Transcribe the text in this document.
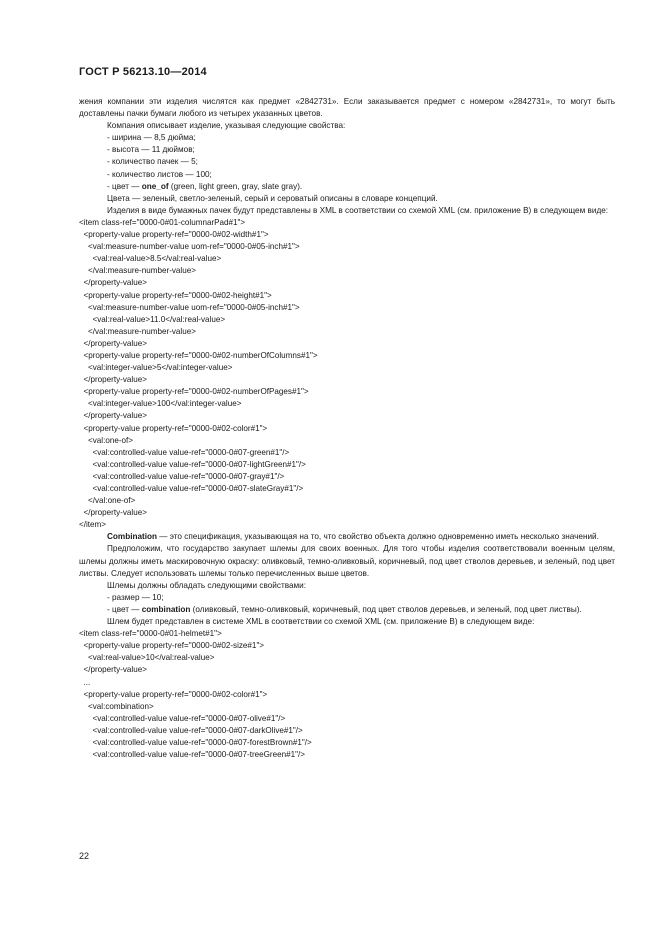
ГОСТ Р 56213.10—2014

жения компании эти изделия числятся как предмет «2842731». Если заказывается предмет с номером «2842731», то могут быть доставлены пачки бумаги любого из четырех указанных цветов.

Компания описывает изделие, указывая следующие свойства:

- ширина — 8,5 дюйма;

- высота — 11 дюймов;

- количество пачек — 5;

- количество листов — 100;

- цвет — one_of (green, light green, gray, slate gray).

Цвета — зеленый, светло-зеленый, серый и сероватый описаны в словаре концепций.

Изделия в виде бумажных пачек будут представлены в XML в соответствии со схемой XML (см. приложение В) в следующем виде:

<item class-ref="0000-0#01-columnarPad#1">
<property-value property-ref="0000-0#02-width#1">
<val:measure-number-value uom-ref="0000-0#05-inch#1">
<val:real-value>8.5</val:real-value>
</val:measure-number-value>
</property-value>
<property-value property-ref="0000-0#02-height#1">
<val:measure-number-value uom-ref="0000-0#05-inch#1">
<val:real-value>11.0</val:real-value>
</val:measure-number-value>
</property-value>
<property-value property-ref="0000-0#02-numberOfColumns#1">
<val:integer-value>5</val:integer-value>
</property-value>
<property-value property-ref="0000-0#02-numberOfPages#1">
<val:integer-value>100</val:integer-value>
</property-value>
<property-value property-ref="0000-0#02-color#1">
<val:one-of>
<val:controlled-value value-ref="0000-0#07-green#1"/>
<val:controlled-value value-ref="0000-0#07-lightGreen#1"/>
<val:controlled-value value-ref="0000-0#07-gray#1"/>
<val:controlled-value value-ref="0000-0#07-slateGray#1"/>
</val:one-of>
</property-value>
</item>

Combination — это спецификация, указывающая на то, что свойство объекта должно одновременно иметь несколько значений.

Предположим, что государство закупает шлемы для своих военных. Для того чтобы изделия соответствовали военным целям, шлемы должны иметь маскировочную окраску: оливковый, темно-оливковый, коричневый, под цвет стволов деревьев, и зеленый, под цвет листвы. Следует использовать шлемы только перечисленных выше цветов.

Шлемы должны обладать следующими свойствами:

- размер — 10;

- цвет — combination (оливковый, темно-оливковый, коричневый, под цвет стволов деревьев, и зеленый, под цвет листвы).

Шлем будет представлен в системе XML в соответствии со схемой XML (см. приложение В) в следующем виде:

<item class-ref="0000-0#01-helmet#1">
<property-value property-ref="0000-0#02-size#1">
<val:real-value>10</val:real-value>
</property-value>
...
<property-value property-ref="0000-0#02-color#1">
<val:combination>
<val:controlled-value value-ref="0000-0#07-olive#1"/>
<val:controlled-value value-ref="0000-0#07-darkOlive#1"/>
<val:controlled-value value-ref="0000-0#07-forestBrown#1"/>
<val:controlled-value value-ref="0000-0#07-treeGreen#1"/>
22
